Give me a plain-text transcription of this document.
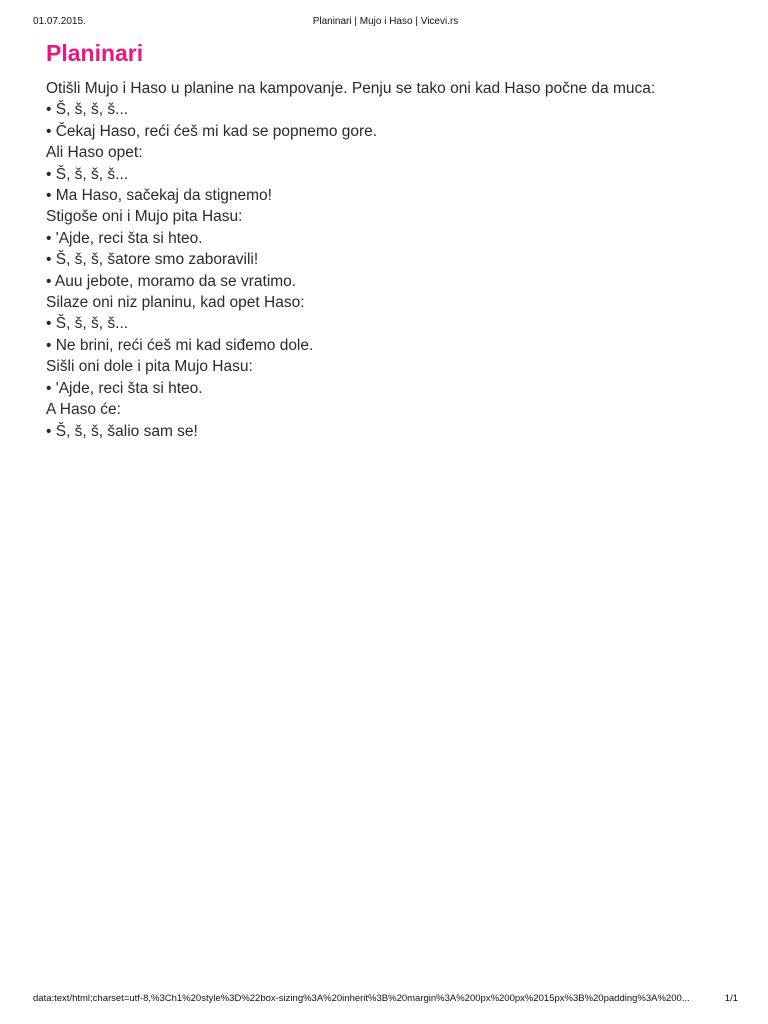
01.07.2015.	Planinari | Mujo i Haso | Vicevi.rs
Planinari
Otišli Mujo i Haso u planine na kampovanje. Penju se tako oni kad Haso počne da muca:
• Š, š, š, š...
• Čekaj Haso, reći ćeš mi kad se popnemo gore.
Ali Haso opet:
• Š, š, š, š...
• Ma Haso, sačekaj da stignemo!
Stigoše oni i Mujo pita Hasu:
• 'Ajde, reci šta si hteo.
• Š, š, š, šatore smo zaboravili!
• Auu jebote, moramo da se vratimo.
Silaze oni niz planinu, kad opet Haso:
• Š, š, š, š...
• Ne brini, reći ćeš mi kad siđemo dole.
Sišli oni dole i pita Mujo Hasu:
• 'Ajde, reci šta si hteo.
A Haso će:
• Š, š, š, šalio sam se!
data:text/html;charset=utf-8,%3Ch1%20style%3D%22box-sizing%3A%20inherit%3B%20margin%3A%200px%200px%2015px%3B%20padding%3A%200...	1/1
